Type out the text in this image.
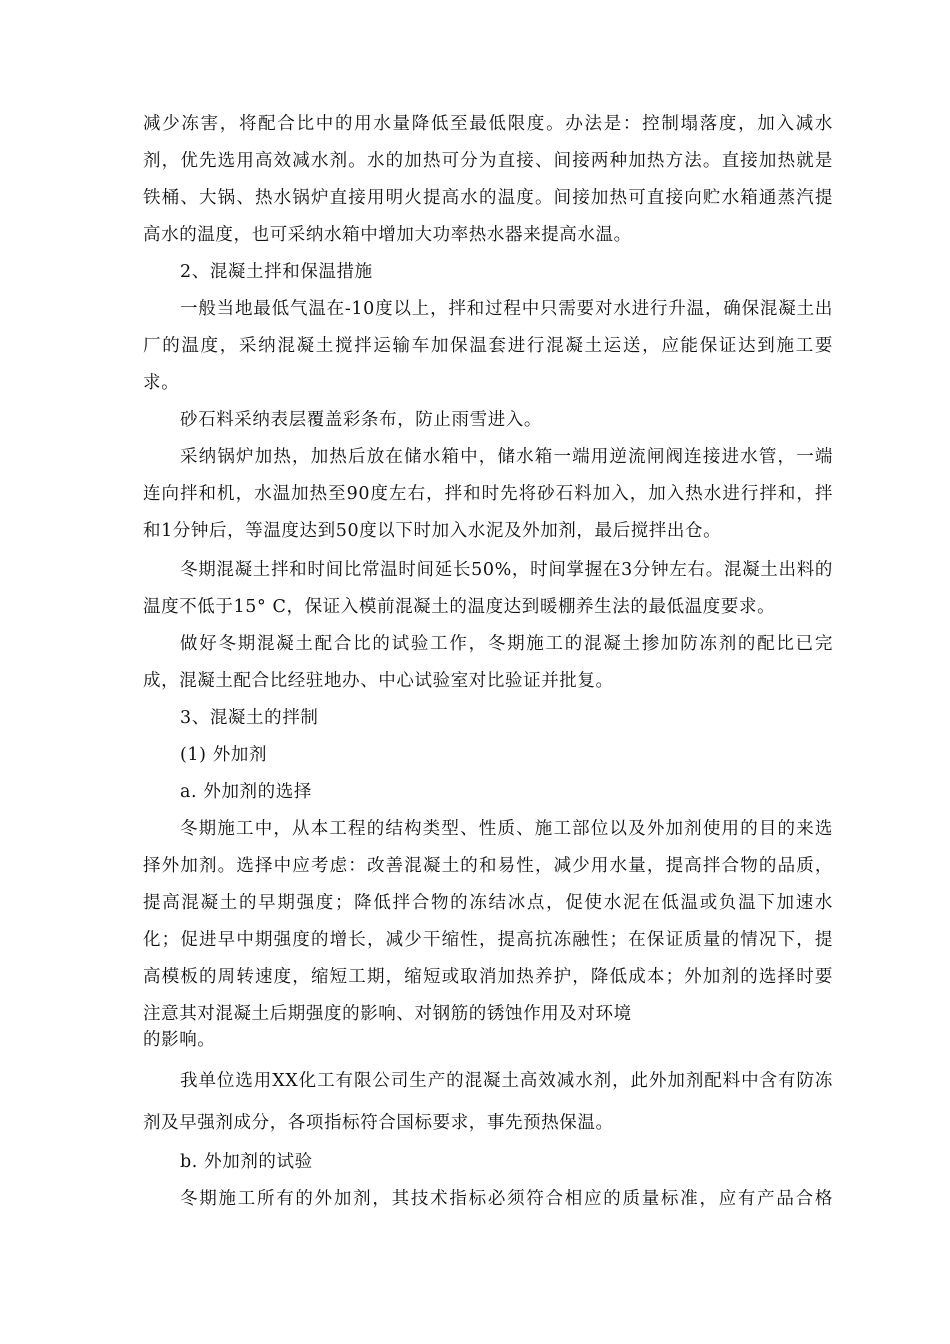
减少冻害，将配合比中的用水量降低至最低限度。办法是：控制塌落度，加入减水
剂，优先选用高效减水剂。水的加热可分为直接、间接两种加热方法。直接加热就是
铁桶、大锅、热水锅炉直接用明火提高水的温度。间接加热可直接向贮水箱通蒸汽提
高水的温度，也可采纳水箱中增加大功率热水器来提高水温。
2、混凝土拌和保温措施
一般当地最低气温在-10度以上，拌和过程中只需要对水进行升温，确保混凝土出
厂的温度，采纳混凝土搅拌运输车加保温套进行混凝土运送，应能保证达到施工要
求。
砂石料采纳表层覆盖彩条布，防止雨雪进入。
采纳锅炉加热，加热后放在储水箱中，储水箱一端用逆流闸阀连接进水管，一端
连向拌和机，水温加热至90度左右，拌和时先将砂石料加入，加入热水进行拌和，拌
和1分钟后，等温度达到50度以下时加入水泥及外加剂，最后搅拌出仓。
冬期混凝土拌和时间比常温时间延长50%，时间掌握在3分钟左右。混凝土出料的
温度不低于15° C，保证入模前混凝土的温度达到暖棚养生法的最低温度要求。
做好冬期混凝土配合比的试验工作，冬期施工的混凝土掺加防冻剂的配比已完
成，混凝土配合比经驻地办、中心试验室对比验证并批复。
3、混凝土的拌制
(1) 外加剂
a. 外加剂的选择
冬期施工中，从本工程的结构类型、性质、施工部位以及外加剂使用的目的来选
择外加剂。选择中应考虑：改善混凝土的和易性，减少用水量，提高拌合物的品质，
提高混凝土的早期强度；降低拌合物的冻结冰点，促使水泥在低温或负温下加速水
化；促进早中期强度的增长，减少干缩性，提高抗冻融性；在保证质量的情况下，提
高模板的周转速度，缩短工期，缩短或取消加热养护，降低成本；外加剂的选择时要
注意其对混凝土后期强度的影响、对钢筋的锈蚀作用及对环境
的影响。
我单位选用XX化工有限公司生产的混凝土高效减水剂，此外加剂配料中含有防冻
剂及早强剂成分，各项指标符合国标要求，事先预热保温。
b. 外加剂的试验
冬期施工所有的外加剂，其技术指标必须符合相应的质量标准，应有产品合格
